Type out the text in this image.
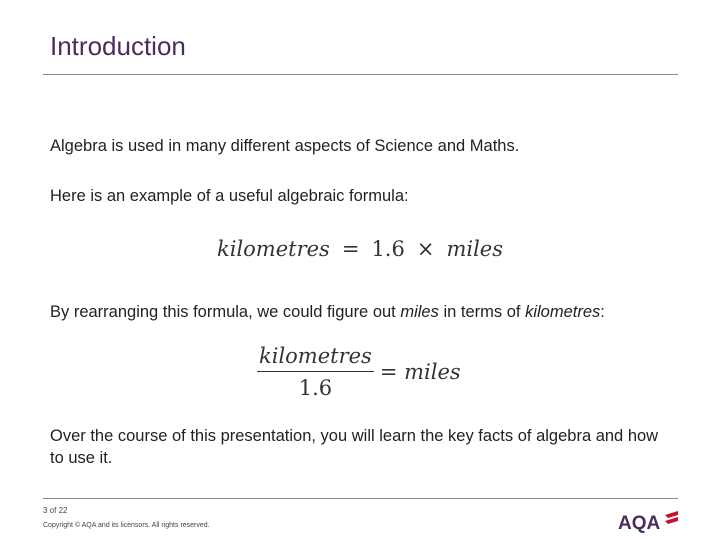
Introduction
Algebra is used in many different aspects of Science and Maths.
Here is an example of a useful algebraic formula:
kilometres = 1.6 × miles
By rearranging this formula, we could figure out miles in terms of kilometres:
$\frac{\text{kilometres}}{1.6}$ = miles
Over the course of this presentation, you will learn the key facts of algebra and how to use it.
3 of 22
Copyright © AQA and its licensors. All rights reserved.	AQA
